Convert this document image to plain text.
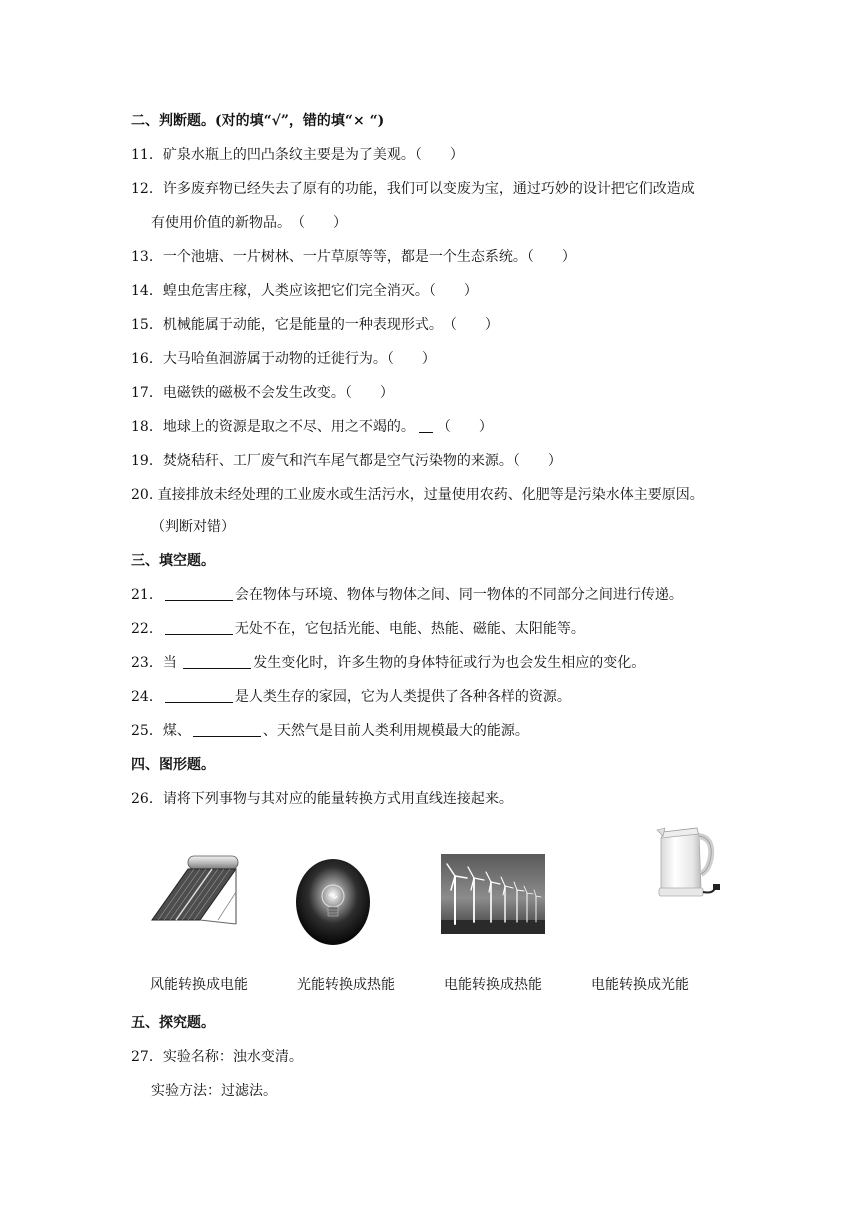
二、判断题。(对的填“√”，错的填“× “)
11．矿泉水瓶上的凹凸条纹主要是为了美观。（　　）
12．许多废弃物已经失去了原有的功能，我们可以变废为宝，通过巧妙的设计把它们改造成
有使用价值的新物品。　（　　）
13．一个池塘、一片树林、一片草原等等，都是一个生态系统。（　　）
14．蝗虫危害庄稼，人类应该把它们完全消灭。（　　）
15．机械能属于动能，它是能量的一种表现形式。　（　　）
16．大马哈鱼洄游属于动物的迁徙行为。（　　）
17．电磁铁的磁极不会发生改变。（　　）
18．地球上的资源是取之不尽、用之不竭的。 （　　）
19．焚烧秸秆、工厂废气和汽车尾气都是空气污染物的来源。（　　）
20. 直接排放未经处理的工业废水或生活污水，过量使用农药、化肥等是污染水体主要原因。
（判断对错）
三、填空题。
21．	会在物体与环境、物体与物体之间、同一物体的不同部分之间进行传递。
22．	无处不在，它包括光能、电能、热能、磁能、太阳能等。
23．当	发生变化时，许多生物的身体特征或行为也会发生相应的变化。
24．	是人类生存的家园，它为人类提供了各种各样的资源。
25．煤、	、天然气是目前人类利用规模最大的能源。
四、图形题。
26．请将下列事物与其对应的能量转换方式用直线连接起来。
风能转换成电能	光能转换成热能	电能转换成热能	电能转换成光能
五、探究题。
27．实验名称：浊水变清。
实验方法：过滤法。
